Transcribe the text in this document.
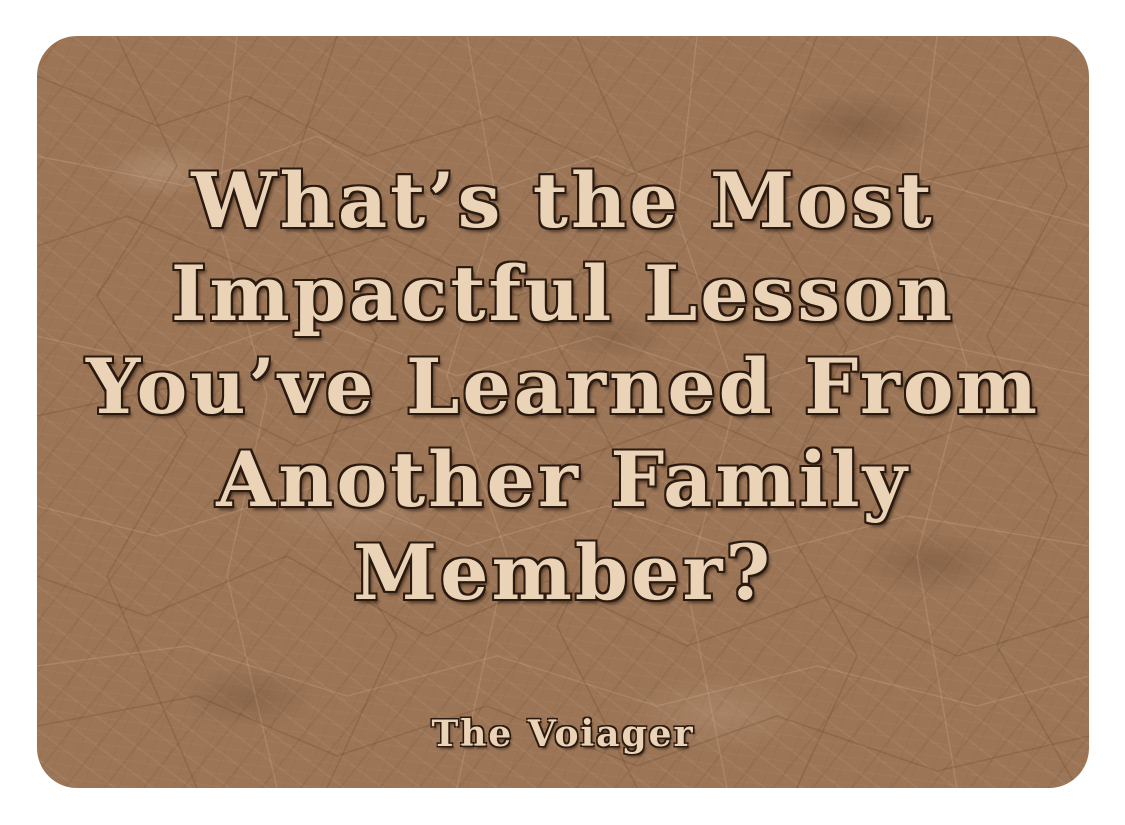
What’s the Most
Impactful Lesson
You’ve Learned From
Another Family
Member?
The Voiager
